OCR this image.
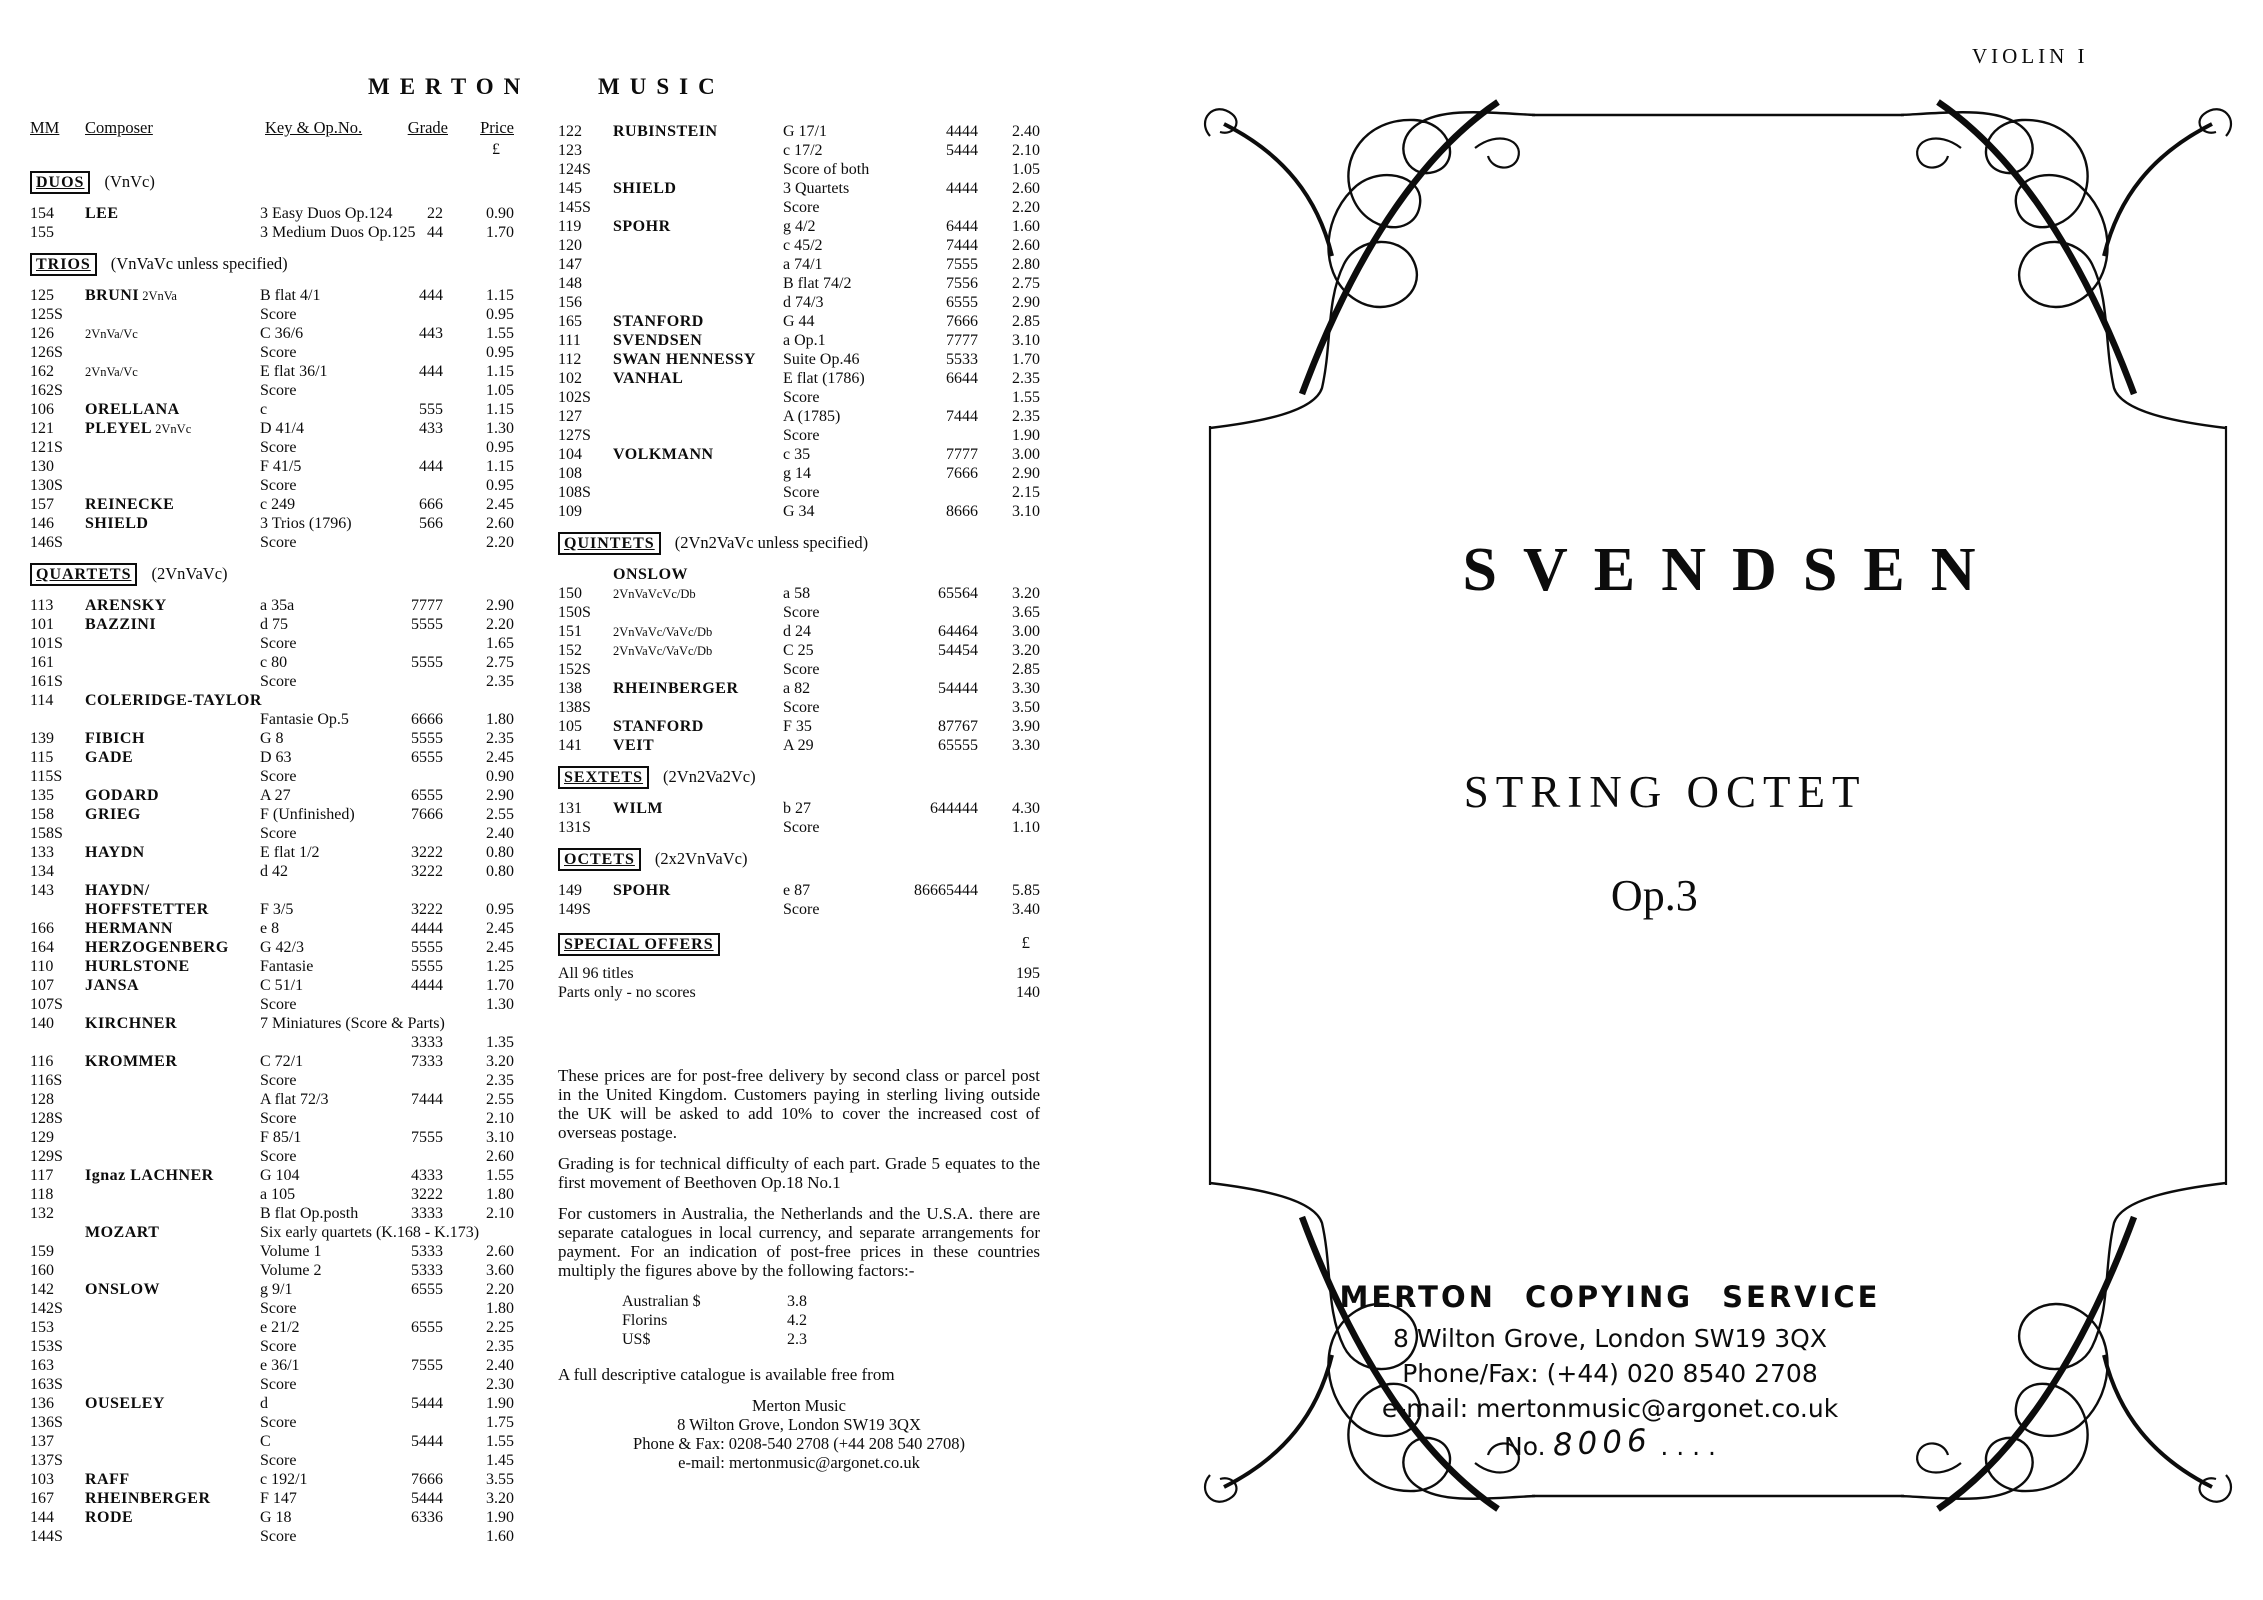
MERTON MUSIC
MM	Composer	Key & Op.No.	Grade	Price
£
DUOS (VnVc)
154	LEE	3 Easy Duos Op.124	22	0.90
155	3 Medium Duos Op.125 44	1.70
TRIOS (VnVaVc unless specified)
125	BRUNI 2VnVa	B flat 4/1	444	1.15
125S	Score	0.95
126	2VnVa/Vc	C 36/6	443	1.55
126S	Score	0.95
162	2VnVa/Vc	E flat 36/1	444	1.15
162S	Score	1.05
106	ORELLANA	c	555	1.15
121	PLEYEL 2VnVc	D 41/4	433	1.30
121S	Score	0.95
130	F 41/5	444	1.15
130S	Score	0.95
157	REINECKE	c 249	666	2.45
146	SHIELD	3 Trios (1796)	566	2.60
146S	Score	2.20
QUARTETS (2VnVaVc)
113	ARENSKY	a 35a	7777	2.90
101	BAZZINI	d 75	5555	2.20
101S	Score	1.65
161	c 80	5555	2.75
161S	Score	2.35
114	COLERIDGE-TAYLOR
Fantasie Op.5	6666	1.80
139	FIBICH	G 8	5555	2.35
115	GADE	D 63	6555	2.45
115S	Score	0.90
135	GODARD	A 27	6555	2.90
158	GRIEG	F (Unfinished)	7666	2.55
158S	Score	2.40
133	HAYDN	E flat 1/2	3222	0.80
134	d 42	3222	0.80
143	HAYDN/
HOFFSTETTER	F 3/5	3222	0.95
166	HERMANN	e 8	4444	2.45
164	HERZOGENBERG	G 42/3	5555	2.45
110	HURLSTONE	Fantasie	5555	1.25
107	JANSA	C 51/1	4444	1.70
107S	Score	1.30
140	KIRCHNER	7 Miniatures (Score & Parts)
3333	1.35
116	KROMMER	C 72/1	7333	3.20
116S	Score	2.35
128	A flat 72/3	7444	2.55
128S	Score	2.10
129	F 85/1	7555	3.10
129S	Score	2.60
117	Ignaz LACHNER	G 104	4333	1.55
118	a 105	3222	1.80
132	B flat Op.posth	3333	2.10
MOZART	Six early quartets (K.168 - K.173)
159	Volume 1	5333	2.60
160	Volume 2	5333	3.60
142	ONSLOW	g 9/1	6555	2.20
142S	Score	1.80
153	e 21/2	6555	2.25
153S	Score	2.35
163	e 36/1	7555	2.40
163S	Score	2.30
136	OUSELEY	d	5444	1.90
136S	Score	1.75
137	C	5444	1.55
137S	Score	1.45
103	RAFF	c 192/1	7666	3.55
167	RHEINBERGER	F 147	5444	3.20
144	RODE	G 18	6336	1.90
144S	Score	1.60
122	RUBINSTEIN	G 17/1	4444	2.40
123	c 17/2	5444	2.10
124S	Score of both	1.05
145	SHIELD	3 Quartets	4444	2.60
145S	Score	2.20
119	SPOHR	g 4/2	6444	1.60
120	c 45/2	7444	2.60
147	a 74/1	7555	2.80
148	B flat 74/2	7556	2.75
156	d 74/3	6555	2.90
165	STANFORD	G 44	7666	2.85
111	SVENDSEN	a Op.1	7777	3.10
112	SWAN HENNESSY	Suite Op.46	5533	1.70
102	VANHAL	E flat (1786)	6644	2.35
102S	Score	1.55
127	A (1785)	7444	2.35
127S	Score	1.90
104	VOLKMANN	c 35	7777	3.00
108	g 14	7666	2.90
108S	Score	2.15
109	G 34	8666	3.10
QUINTETS (2Vn2VaVc unless specified)
ONSLOW
150	2VnVaVcVc/Db	a 58	65564	3.20
150S	Score	3.65
151	2VnVaVc/VaVc/Db	d 24	64464	3.00
152	2VnVaVc/VaVc/Db	C 25	54454	3.20
152S	Score	2.85
138	RHEINBERGER	a 82	54444	3.30
138S	Score	3.50
105	STANFORD	F 35	87767	3.90
141	VEIT	A 29	65555	3.30
SEXTETS (2Vn2Va2Vc)
131	WILM	b 27	644444	4.30
131S	Score	1.10
OCTETS (2x2VnVaVc)
149	SPOHR	e 87	86665444	5.85
149S	Score	3.40
SPECIAL OFFERS	£
All 96 titles	195
Parts only - no scores	140

These prices are for post-free delivery by second class or parcel post in the United Kingdom. Customers paying in sterling living outside the UK will be asked to add 10% to cover the increased cost of overseas postage.

Grading is for technical difficulty of each part. Grade 5 equates to the first movement of Beethoven Op.18 No.1

For customers in Australia, the Netherlands and the U.S.A. there are separate catalogues in local currency, and separate arrangements for payment. For an indication of post-free prices in these countries multiply the figures above by the following factors:-

Australian $	3.8
Florins	4.2
US$	2.3
A full descriptive catalogue is available free from
Merton Music
8 Wilton Grove, London SW19 3QX
Phone & Fax: 0208-540 2708 (+44 208 540 2708)
e-mail: mertonmusic@argonet.co.uk
VIOLIN I
SVENDSEN
STRING OCTET
Op.3
MERTON COPYING SERVICE
8 Wilton Grove, London SW19 3QX
Phone/Fax: (+44) 020 8540 2708
e-mail: mertonmusic@argonet.co.uk
No. 8006 . . . .
